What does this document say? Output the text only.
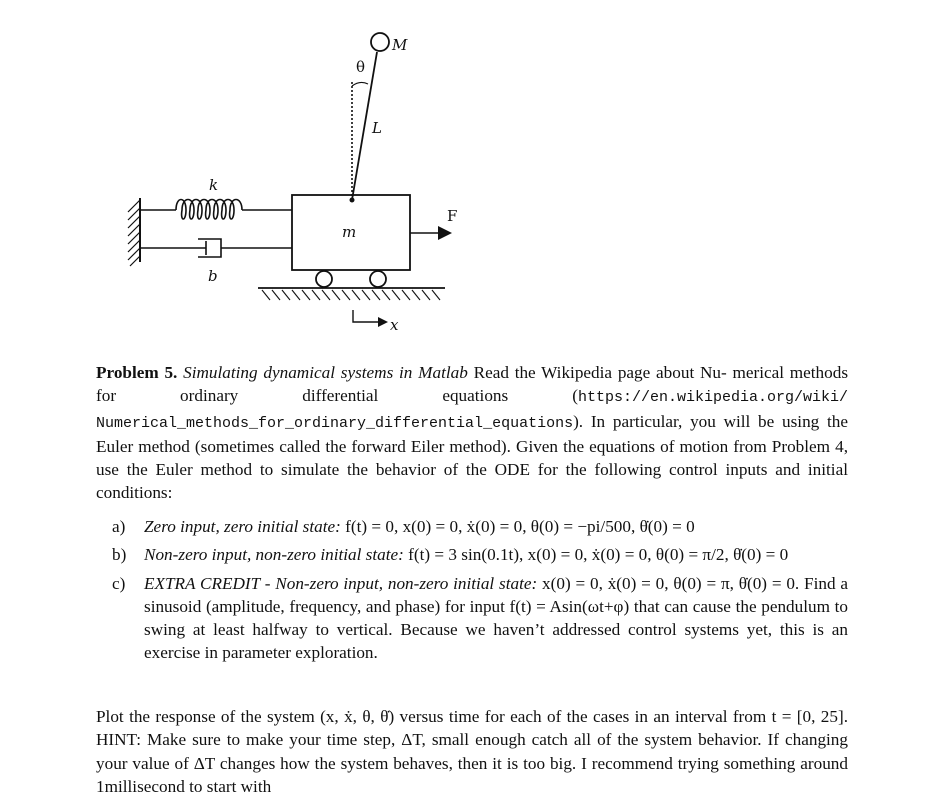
M
θ
L
k
b
m
F
x
Problem 5. Simulating dynamical systems in Matlab Read the Wikipedia page about Nu- merical methods for ordinary differential equations (https://en.wikipedia.org/wiki/ Numerical_methods_for_ordinary_differential_equations). In particular, you will be using the Euler method (sometimes called the forward Eiler method). Given the equations of motion from Problem 4, use the Euler method to simulate the behavior of the ODE for the following control inputs and initial conditions:
a)	Zero input, zero initial state: f(t) = 0, x(0) = 0, ẋ(0) = 0, θ(0) = −pi/500, θ̇(0) = 0
b)	Non-zero input, non-zero initial state: f(t) = 3 sin(0.1t), x(0) = 0, ẋ(0) = 0, θ(0) = π/2, θ̇(0) = 0
c)	EXTRA CREDIT - Non-zero input, non-zero initial state: x(0) = 0, ẋ(0) = 0, θ(0) = π, θ̇(0) = 0. Find a sinusoid (amplitude, frequency, and phase) for input f(t) = Asin(ωt+φ) that can cause the pendulum to swing at least halfway to vertical. Because we haven’t addressed control systems yet, this is an exercise in parameter exploration.
Plot the response of the system (x, ẋ, θ, θ̇) versus time for each of the cases in an interval from t = [0, 25]. HINT: Make sure to make your time step, ΔT, small enough catch all of the system behavior. If changing your value of ΔT changes how the system behaves, then it is too big. I recommend trying something around 1millisecond to start with
